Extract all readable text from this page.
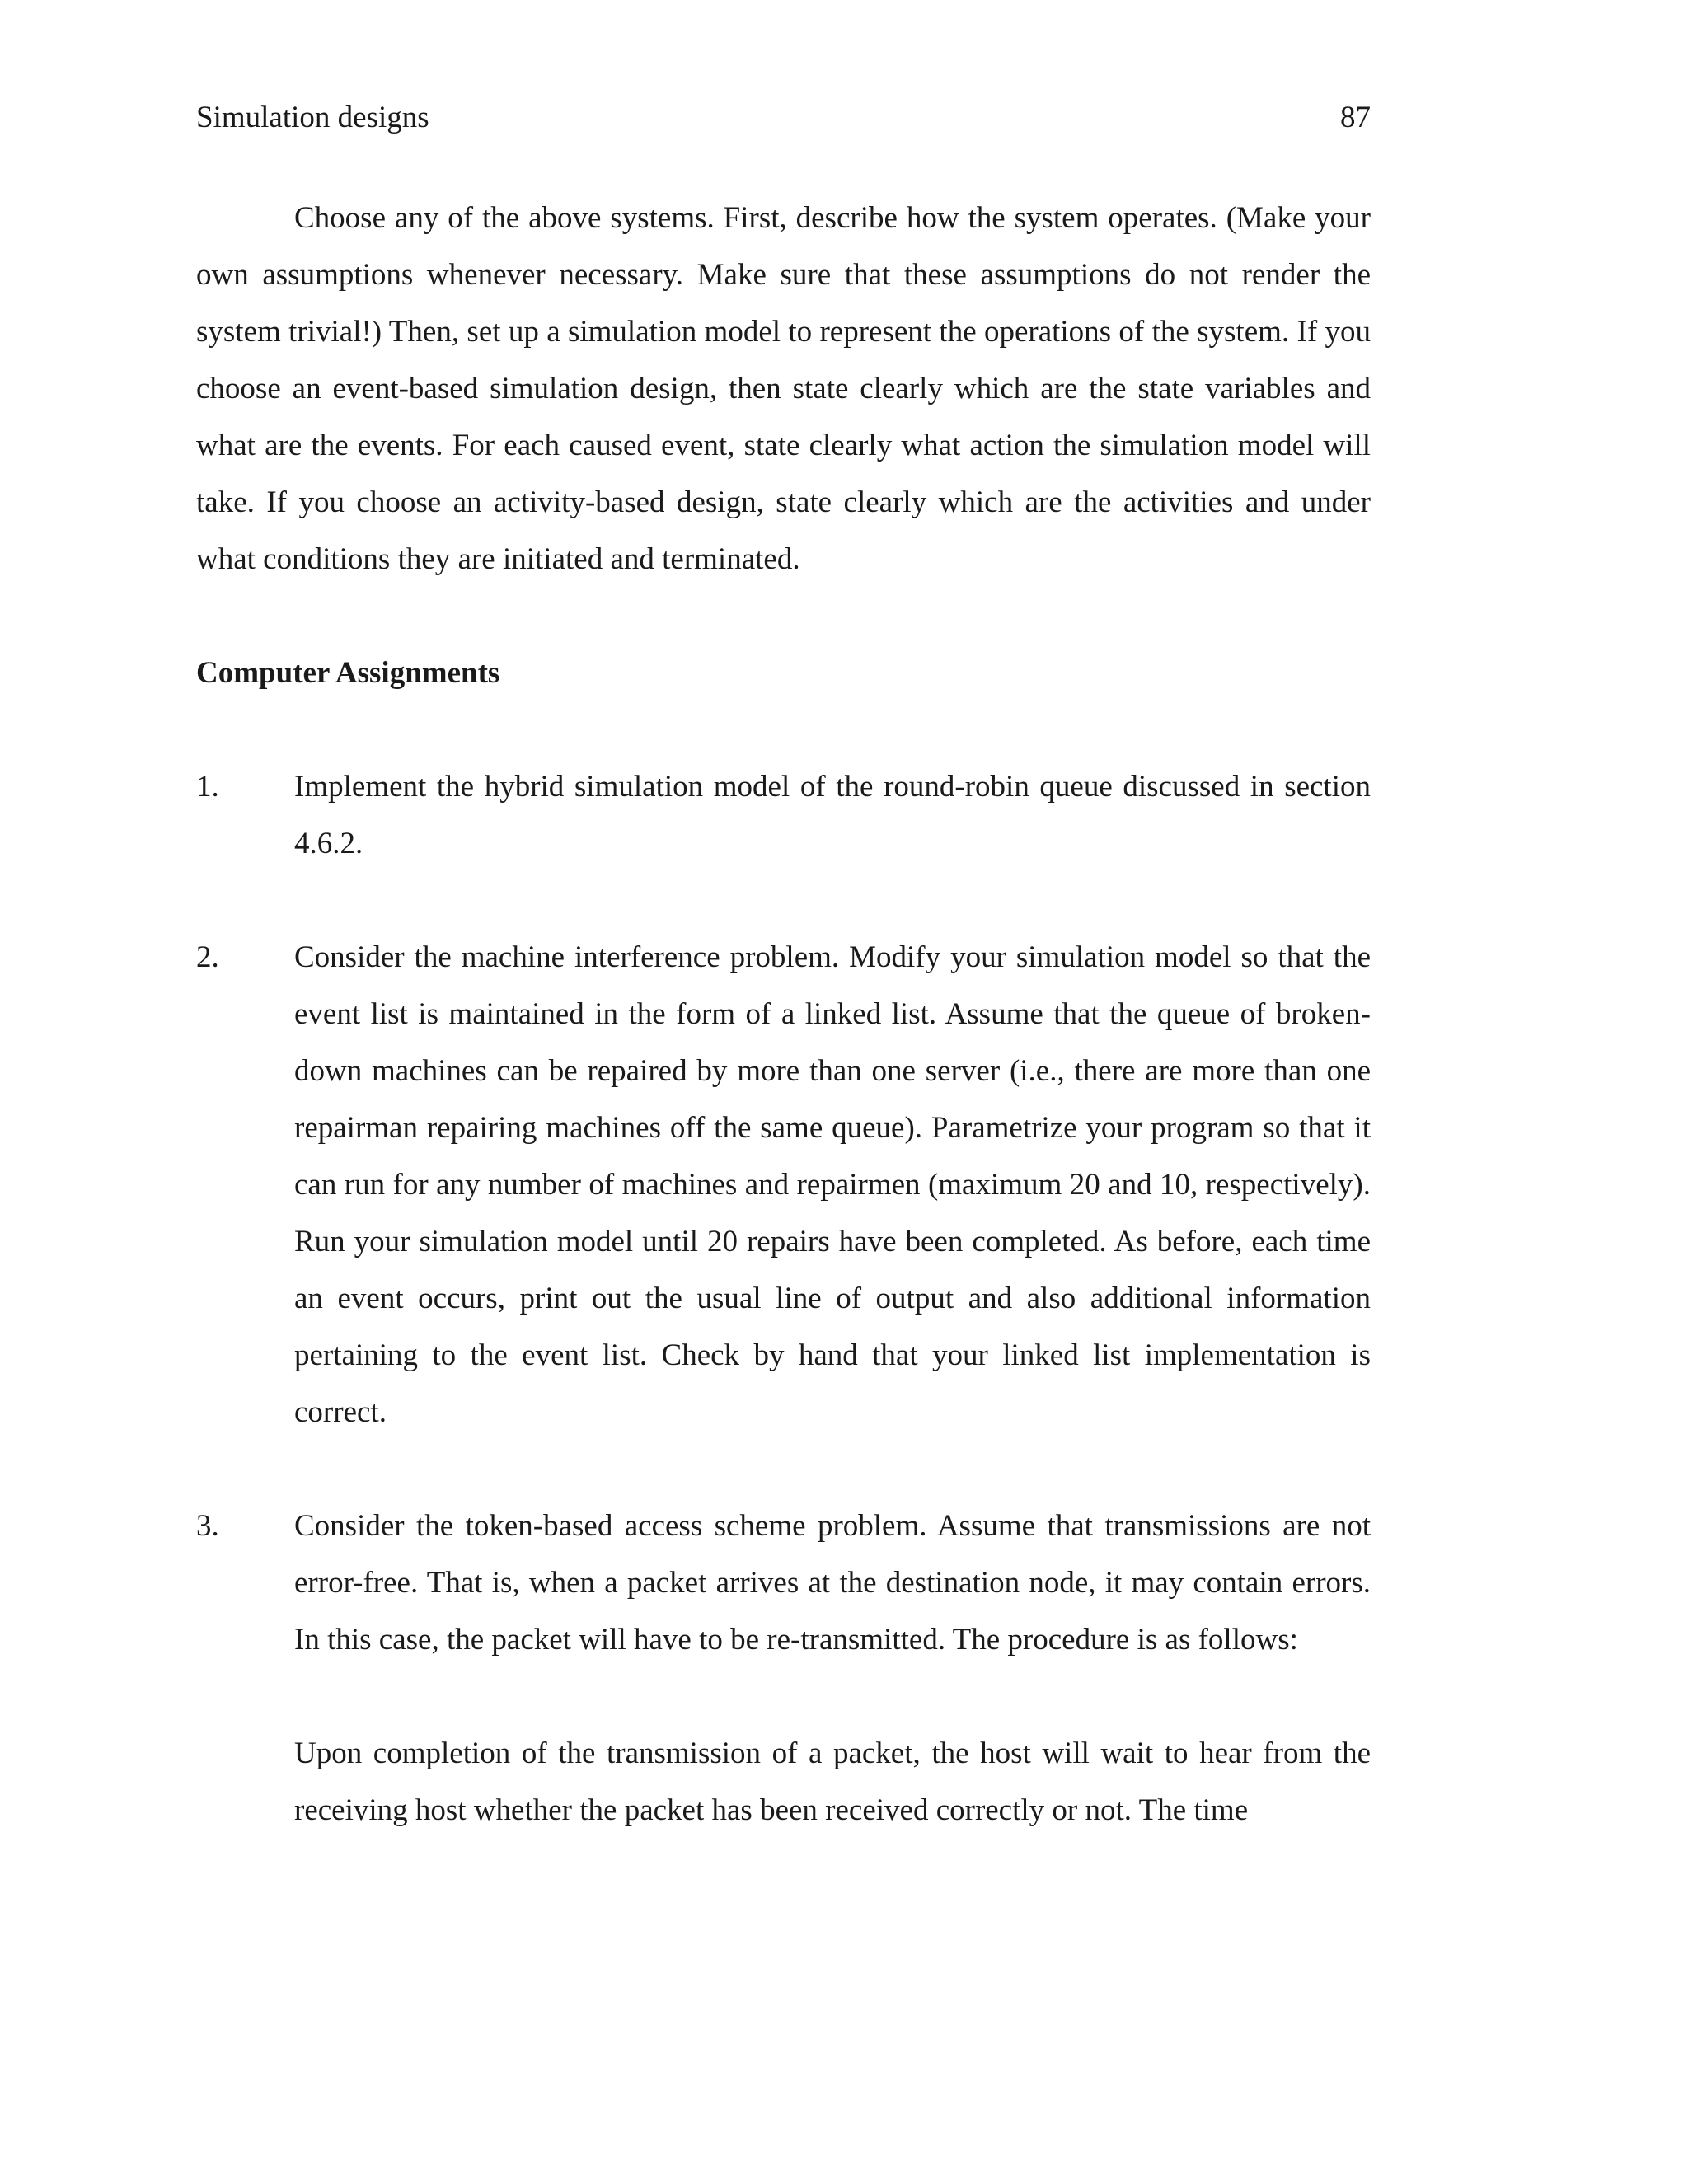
Simulation designs	87

Choose any of the above systems. First, describe how the system operates. (Make your own assumptions whenever necessary. Make sure that these assumptions do not render the system trivial!) Then, set up a simulation model to represent the operations of the system. If you choose an event-based simulation design, then state clearly which are the state variables and what are the events. For each caused event, state clearly what action the simulation model will take. If you choose an activity-based design, state clearly which are the activities and under what conditions they are initiated and terminated.

Computer Assignments

1.	Implement the hybrid simulation model of the round-robin queue discussed in section 4.6.2.

2.	Consider the machine interference problem. Modify your simulation model so that the event list is maintained in the form of a linked list. Assume that the queue of broken-down machines can be repaired by more than one server (i.e., there are more than one repairman repairing machines off the same queue). Parametrize your program so that it can run for any number of machines and repairmen (maximum 20 and 10, respectively). Run your simulation model until 20 repairs have been completed. As before, each time an event occurs, print out the usual line of output and also additional information pertaining to the event list. Check by hand that your linked list implementation is correct.

3.	Consider the token-based access scheme problem. Assume that transmissions are not error-free. That is, when a packet arrives at the destination node, it may contain errors. In this case, the packet will have to be re-transmitted. The procedure is as follows:

Upon completion of the transmission of a packet, the host will wait to hear from the receiving host whether the packet has been received correctly or not. The time
